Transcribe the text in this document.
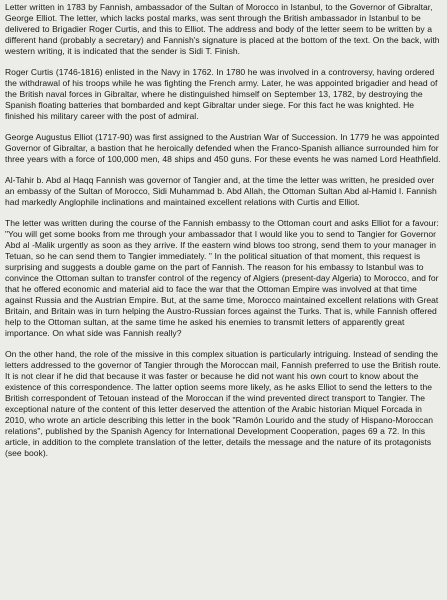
Letter written in 1783 by Fannish, ambassador of the Sultan of Morocco in Istanbul, to the Governor of Gibraltar, George Elliot. The letter, which lacks postal marks, was sent through the British ambassador in Istanbul to be delivered to Brigadier Roger Curtis, and this to Elliot. The address and body of the letter seem to be written by a different hand (probably a secretary) and Fannish's signature is placed at the bottom of the text. On the back, with western writing, it is indicated that the sender is Sidi T. Finish.

Roger Curtis (1746-1816) enlisted in the Navy in 1762. In 1780 he was involved in a controversy, having ordered the withdrawal of his troops while he was fighting the French army. Later, he was appointed brigadier and head of the British naval forces in Gibraltar, where he distinguished himself on September 13, 1782, by destroying the Spanish floating batteries that bombarded and kept Gibraltar under siege. For this fact he was knighted. He finished his military career with the post of admiral.

George Augustus Elliot (1717-90) was first assigned to the Austrian War of Succession. In 1779 he was appointed Governor of Gibraltar, a bastion that he heroically defended when the Franco-Spanish alliance surrounded him for three years with a force of 100,000 men, 48 ships and 450 guns. For these events he was named Lord Heathfield.

Al-Tahir b. Abd al Haqq Fannish was governor of Tangier and, at the time the letter was written, he presided over an embassy of the Sultan of Morocco, Sidi Muhammad b. Abd Allah, the Ottoman Sultan Abd al-Hamid I. Fannish had markedly Anglophile inclinations and maintained excellent relations with Curtis and Elliot.

The letter was written during the course of the Fannish embassy to the Ottoman court and asks Elliot for a favour: "You will get some books from me through your ambassador that I would like you to send to Tangier for Governor Abd al -Malik urgently as soon as they arrive. If the eastern wind blows too strong, send them to your manager in Tetuan, so he can send them to Tangier immediately. " In the political situation of that moment, this request is surprising and suggests a double game on the part of Fannish. The reason for his embassy to Istanbul was to convince the Ottoman sultan to transfer control of the regency of Algiers (present-day Algeria) to Morocco, and for that he offered economic and material aid to face the war that the Ottoman Empire was involved at that time against Russia and the Austrian Empire. But, at the same time, Morocco maintained excellent relations with Great Britain, and Britain was in turn helping the Austro-Russian forces against the Turks. That is, while Fannish offered help to the Ottoman sultan, at the same time he asked his enemies to transmit letters of apparently great importance. On what side was Fannish really?

On the other hand, the role of the missive in this complex situation is particularly intriguing. Instead of sending the letters addressed to the governor of Tangier through the Moroccan mail, Fannish preferred to use the British route. It is not clear if he did that because it was faster or because he did not want his own court to know about the existence of this correspondence. The latter option seems more likely, as he asks Elliot to send the letters to the British correspondent of Tetouan instead of the Moroccan if the wind prevented direct transport to Tangier. The exceptional nature of the content of this letter deserved the attention of the Arabic historian Miquel Forcada in 2010, who wrote an article describing this letter in the book "Ramón Lourido and the study of Hispano-Moroccan relations", published by the Spanish Agency for International Development Cooperation, pages 69 a 72. In this article, in addition to the complete translation of the letter, details the message and the nature of its protagonists (see book).
